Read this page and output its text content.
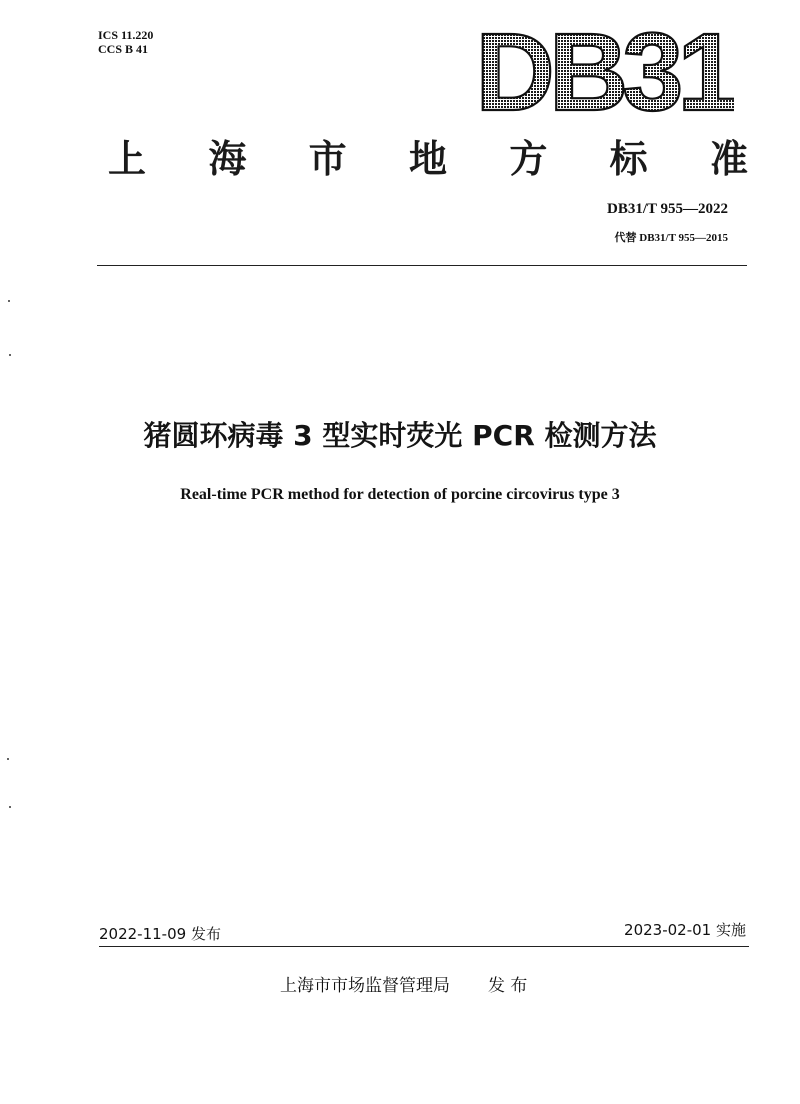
ICS 11.220
CCS B 41	DB31
上 海 市 地 方 标 准
DB31/T 955—2022
代替 DB31/T 955—2015
猪圆环病毒 3 型实时荧光 PCR 检测方法
Real-time PCR method for detection of porcine circovirus type 3
2022-11-09 发布	2023-02-01 实施
上海市市场监督管理局 发 布
